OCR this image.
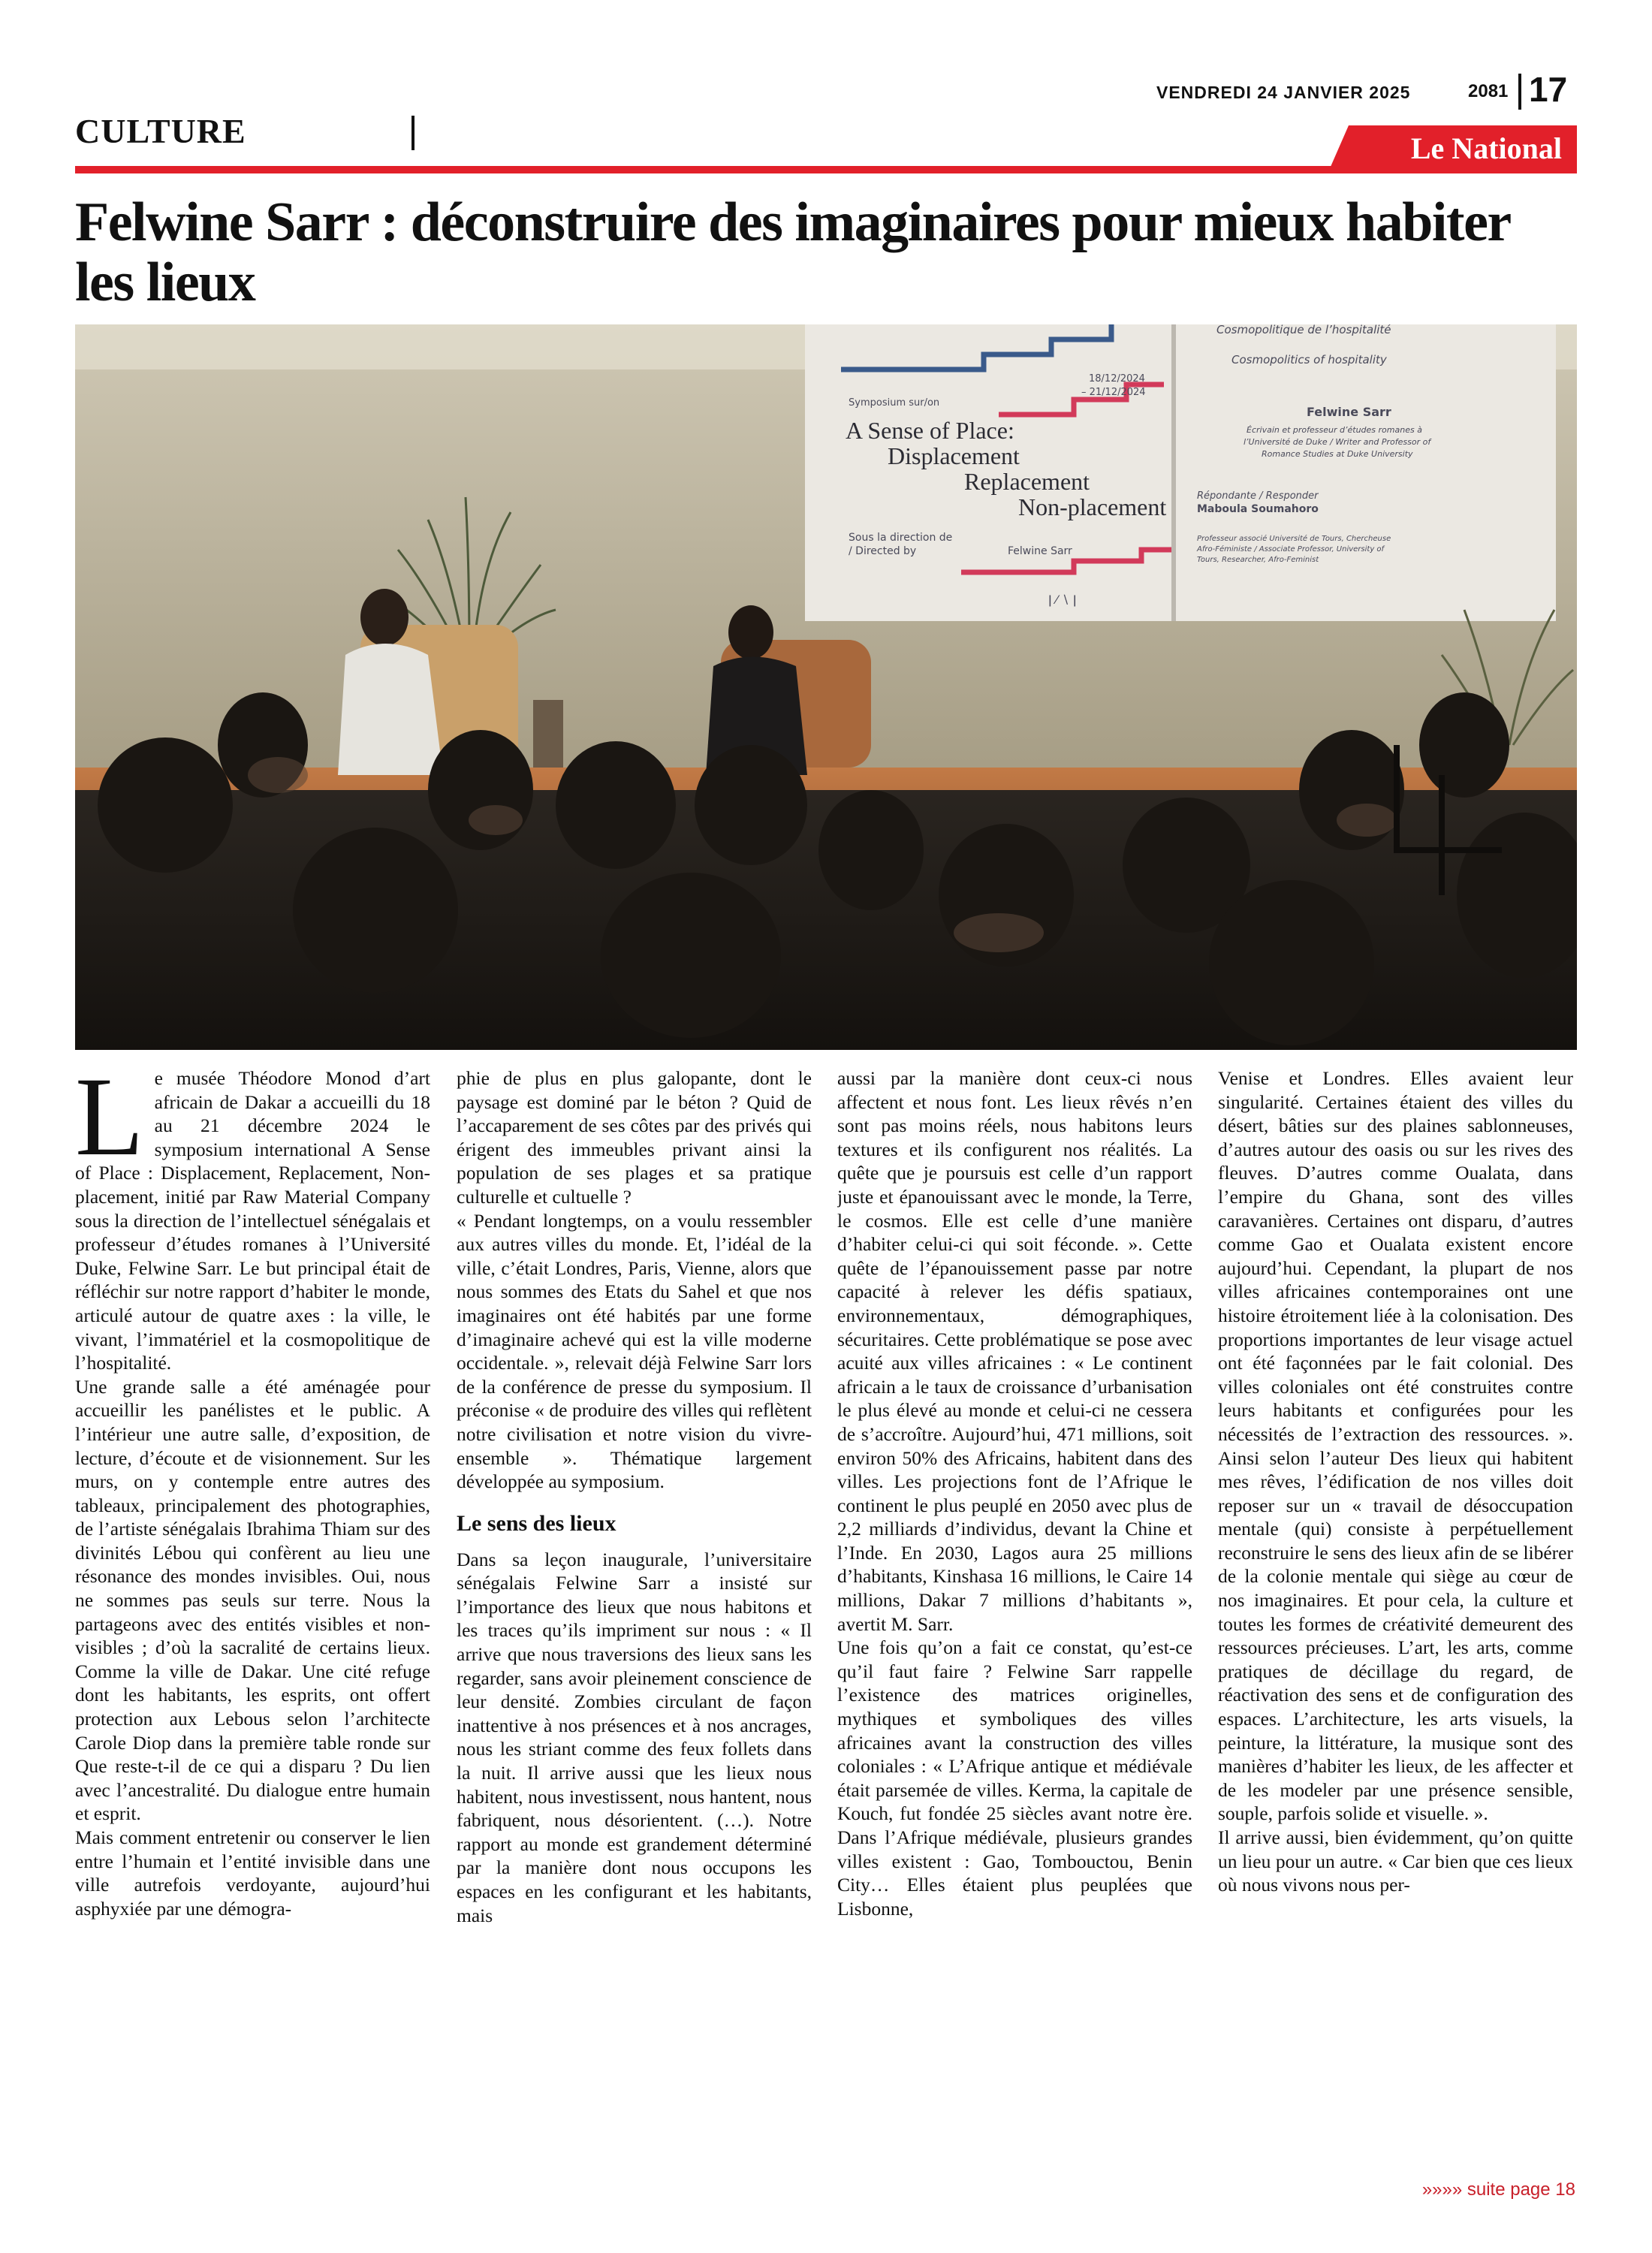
VENDREDI 24 JANVIER 2025	2081 17
CULTURE	Le National
Felwine Sarr : déconstruire des imaginaires pour mieux habiter les lieux
Symposium sur/on
18/12/2024
– 21/12/2024
A Sense of Place:
Displacement
Replacement
Non-placement
Sous la direction de
/ Directed by	Felwine Sarr
ǀ ⁄ ∖ ǀ
Cosmopolitique de l’hospitalité
Cosmopolitics of hospitality
Felwine Sarr
Écrivain et professeur d’études romanes à
l’Université de Duke / Writer and Professor of
Romance Studies at Duke University
Répondante / Responder
Maboula Soumahoro
Professeur associé Université de Tours, Chercheuse
Afro-Féministe / Associate Professor, University of
Tours, Researcher, Afro-Feminist

Le musée Théodore Monod d’art africain de Dakar a accueilli du 18 au 21 décembre 2024 le symposium international A Sense of Place : Displacement, Replacement, Non-placement, initié par Raw Material Company sous la direction de l’intellectuel sénégalais et professeur d’études romanes à l’Université Duke, Felwine Sarr. Le but principal était de réfléchir sur notre rapport d’habiter le monde, articulé autour de quatre axes : la ville, le vivant, l’immatériel et la cosmopolitique de l’hospitalité.

Une grande salle a été aménagée pour accueillir les panélistes et le public. A l’intérieur une autre salle, d’exposition, de lecture, d’écoute et de visionnement. Sur les murs, on y contemple entre autres des tableaux, principalement des photographies, de l’artiste sénégalais Ibrahima Thiam sur des divinités Lébou qui confèrent au lieu une résonance des mondes invisibles. Oui, nous ne sommes pas seuls sur terre. Nous la partageons avec des entités visibles et non-visibles ; d’où la sacralité de certains lieux. Comme la ville de Dakar. Une cité refuge dont les habitants, les esprits, ont offert protection aux Lebous selon l’architecte Carole Diop dans la première table ronde sur Que reste-t-il de ce qui a disparu ? Du lien avec l’ancestralité. Du dialogue entre humain et esprit.

Mais comment entretenir ou conserver le lien entre l’humain et l’entité invisible dans une ville autrefois verdoyante, aujourd’hui asphyxiée par une démogra-

phie de plus en plus galopante, dont le paysage est dominé par le béton ? Quid de l’accaparement de ses côtes par des privés qui érigent des immeubles privant ainsi la population de ses plages et sa pratique culturelle et cultuelle ?

« Pendant longtemps, on a voulu ressembler aux autres villes du monde. Et, l’idéal de la ville, c’était Londres, Paris, Vienne, alors que nous sommes des Etats du Sahel et que nos imaginaires ont été habités par une forme d’imaginaire achevé qui est la ville moderne occidentale. », relevait déjà Felwine Sarr lors de la conférence de presse du symposium. Il préconise « de produire des villes qui reflètent notre civilisation et notre vision du vivre-ensemble ». Thématique largement développée au symposium.

Le sens des lieux

Dans sa leçon inaugurale, l’universitaire sénégalais Felwine Sarr a insisté sur l’importance des lieux que nous habitons et les traces qu’ils impriment sur nous : « Il arrive que nous traversions des lieux sans les regarder, sans avoir pleinement conscience de leur densité. Zombies circulant de façon inattentive à nos présences et à nos ancrages, nous les striant comme des feux follets dans la nuit. Il arrive aussi que les lieux nous habitent, nous investissent, nous hantent, nous fabriquent, nous désorientent. (…). Notre rapport au monde est grandement déterminé par la manière dont nous occupons les espaces en les configurant et les habitants, mais

aussi par la manière dont ceux-ci nous affectent et nous font. Les lieux rêvés n’en sont pas moins réels, nous habitons leurs textures et ils configurent nos réalités. La quête que je poursuis est celle d’un rapport juste et épanouissant avec le monde, la Terre, le cosmos. Elle est celle d’une manière d’habiter celui-ci qui soit féconde. ». Cette quête de l’épanouissement passe par notre capacité à relever les défis spatiaux, environnementaux, démographiques, sécuritaires. Cette problématique se pose avec acuité aux villes africaines : « Le continent africain a le taux de croissance d’urbanisation le plus élevé au monde et celui-ci ne cessera de s’accroître. Aujourd’hui, 471 millions, soit environ 50% des Africains, habitent dans des villes. Les projections font de l’Afrique le continent le plus peuplé en 2050 avec plus de 2,2 milliards d’individus, devant la Chine et l’Inde. En 2030, Lagos aura 25 millions d’habitants, Kinshasa 16 millions, le Caire 14 millions, Dakar 7 millions d’habitants », avertit M. Sarr.

Une fois qu’on a fait ce constat, qu’est-ce qu’il faut faire ? Felwine Sarr rappelle l’existence des matrices originelles, mythiques et symboliques des villes africaines avant la construction des villes coloniales : « L’Afrique antique et médiévale était parsemée de villes. Kerma, la capitale de Kouch, fut fondée 25 siècles avant notre ère. Dans l’Afrique médiévale, plusieurs grandes villes existent : Gao, Tombouctou, Benin City… Elles étaient plus peuplées que Lisbonne,

Venise et Londres. Elles avaient leur singularité. Certaines étaient des villes du désert, bâties sur des plaines sablonneuses, d’autres autour des oasis ou sur les rives des fleuves. D’autres comme Oualata, dans l’empire du Ghana, sont des villes caravanières. Certaines ont disparu, d’autres comme Gao et Oualata existent encore aujourd’hui. Cependant, la plupart de nos villes africaines contemporaines ont une histoire étroitement liée à la colonisation. Des proportions importantes de leur visage actuel ont été façonnées par le fait colonial. Des villes coloniales ont été construites contre leurs habitants et configurées pour les nécessités de l’extraction des ressources. ». Ainsi selon l’auteur Des lieux qui habitent mes rêves, l’édification de nos villes doit reposer sur un « travail de désoccupation mentale (qui) consiste à perpétuellement reconstruire le sens des lieux afin de se libérer de la colonie mentale qui siège au cœur de nos imaginaires. Et pour cela, la culture et toutes les formes de créativité demeurent des ressources précieuses. L’art, les arts, comme pratiques de décillage du regard, de réactivation des sens et de configuration des espaces. L’architecture, les arts visuels, la peinture, la littérature, la musique sont des manières d’habiter les lieux, de les affecter et de les modeler par une présence sensible, souple, parfois solide et visuelle. ».

Il arrive aussi, bien évidemment, qu’on quitte un lieu pour un autre. « Car bien que ces lieux où nous vivons nous per-

»»»» suite page 18
